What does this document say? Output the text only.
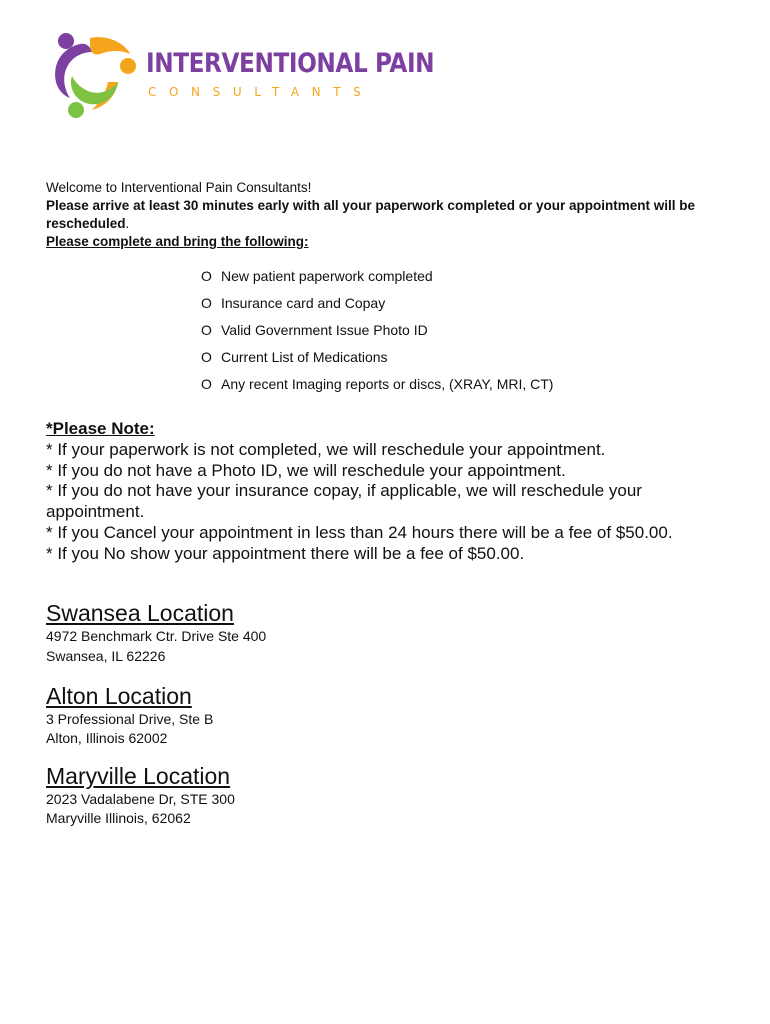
INTERVENTIONAL PAIN
CONSULTANTS

Welcome to Interventional Pain Consultants!

Please arrive at least 30 minutes early with all your paperwork completed or your appointment will be rescheduled.

Please complete and bring the following:

O New patient paperwork completed
O Insurance card and Copay
O Valid Government Issue Photo ID
O Current List of Medications
O Any recent Imaging reports or discs, (XRAY, MRI, CT)

*Please Note:

* If your paperwork is not completed, we will reschedule your appointment.

* If you do not have a Photo ID, we will reschedule your appointment.

* If you do not have your insurance copay, if applicable, we will reschedule your appointment.

* If you Cancel your appointment in less than 24 hours there will be a fee of $50.00.

* If you No show your appointment there will be a fee of $50.00.

Swansea Location

4972 Benchmark Ctr. Drive Ste 400

Swansea, IL 62226

Alton Location

3 Professional Drive, Ste B

Alton, Illinois 62002

Maryville Location

2023 Vadalabene Dr, STE 300

Maryville Illinois, 62062
